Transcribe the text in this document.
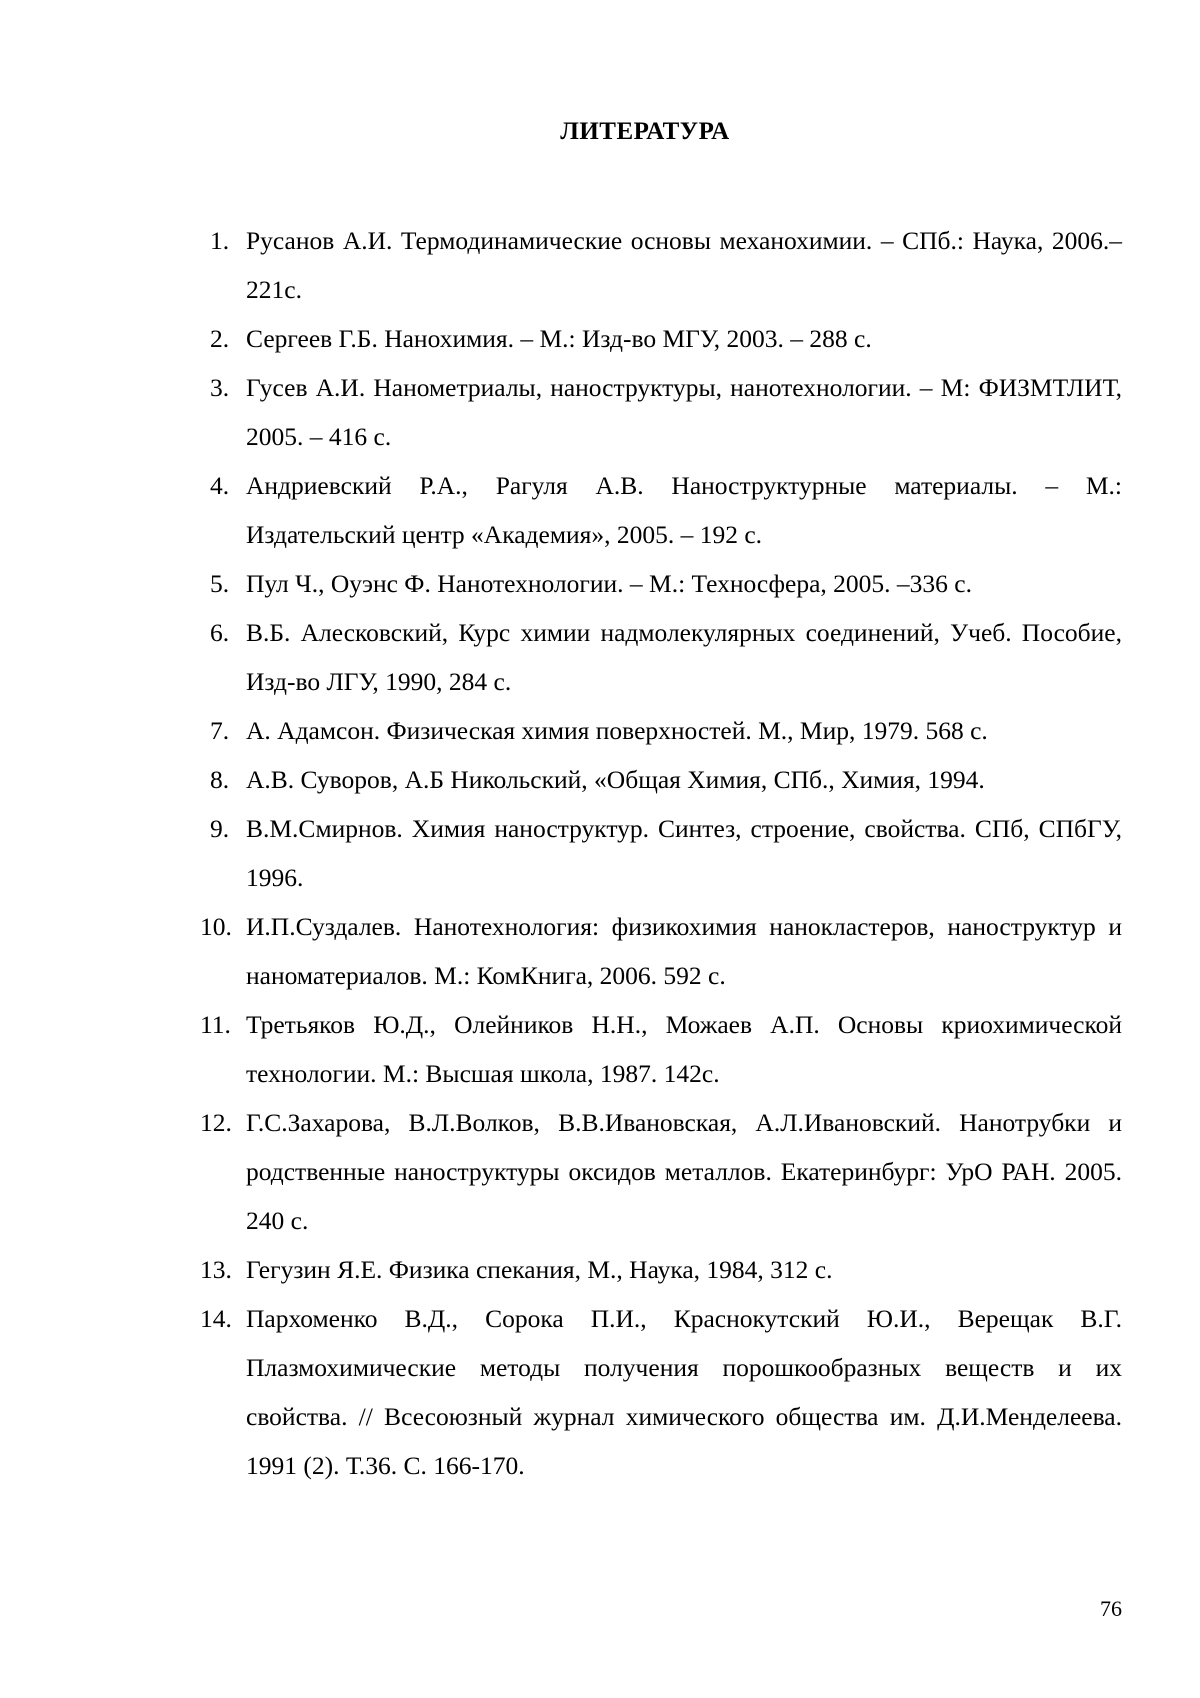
ЛИТЕРАТУРА
1. Русанов А.И. Термодинамические основы механохимии. – СПб.: Наука, 2006.– 221с.
2. Сергеев Г.Б. Нанохимия. – М.: Изд-во МГУ, 2003. – 288 с.
3. Гусев А.И. Нанометриалы, наноструктуры, нанотехнологии. – М: ФИЗМТЛИТ, 2005. – 416 с.
4. Андриевский Р.А., Рагуля А.В. Наноструктурные материалы. – М.: Издательский центр «Академия», 2005. – 192 с.
5. Пул Ч., Оуэнс Ф. Нанотехнологии. – М.: Техносфера, 2005. –336 с.
6. В.Б. Алесковский, Курс химии надмолекулярных соединений, Учеб. Пособие, Изд-во ЛГУ, 1990, 284 с.
7. А. Адамсон. Физическая химия поверхностей. М., Мир, 1979. 568 с.
8. А.В. Суворов, А.Б Никольский, «Общая Химия, СПб., Химия, 1994.
9. В.М.Смирнов. Химия наноструктур. Синтез, строение, свойства. СПб, СПбГУ, 1996.
10. И.П.Суздалев. Нанотехнология: физикохимия нанокластеров, наноструктур и наноматериалов. М.: КомКнига, 2006. 592 с.
11. Третьяков Ю.Д., Олейников Н.Н., Можаев А.П. Основы криохимической технологии. М.: Высшая школа, 1987. 142с.
12. Г.С.Захарова, В.Л.Волков, В.В.Ивановская, А.Л.Ивановский. Нанотрубки и родственные наноструктуры оксидов металлов. Екатеринбург: УрО РАН. 2005. 240 с.
13. Гегузин Я.Е. Физика спекания, М., Наука, 1984, 312 с.
14. Пархоменко В.Д., Сорока П.И., Краснокутский Ю.И., Верещак В.Г. Плазмохимические методы получения порошкообразных веществ и их свойства. // Всесоюзный журнал химического общества им. Д.И.Менделеева. 1991 (2). Т.36. С. 166-170.
76
